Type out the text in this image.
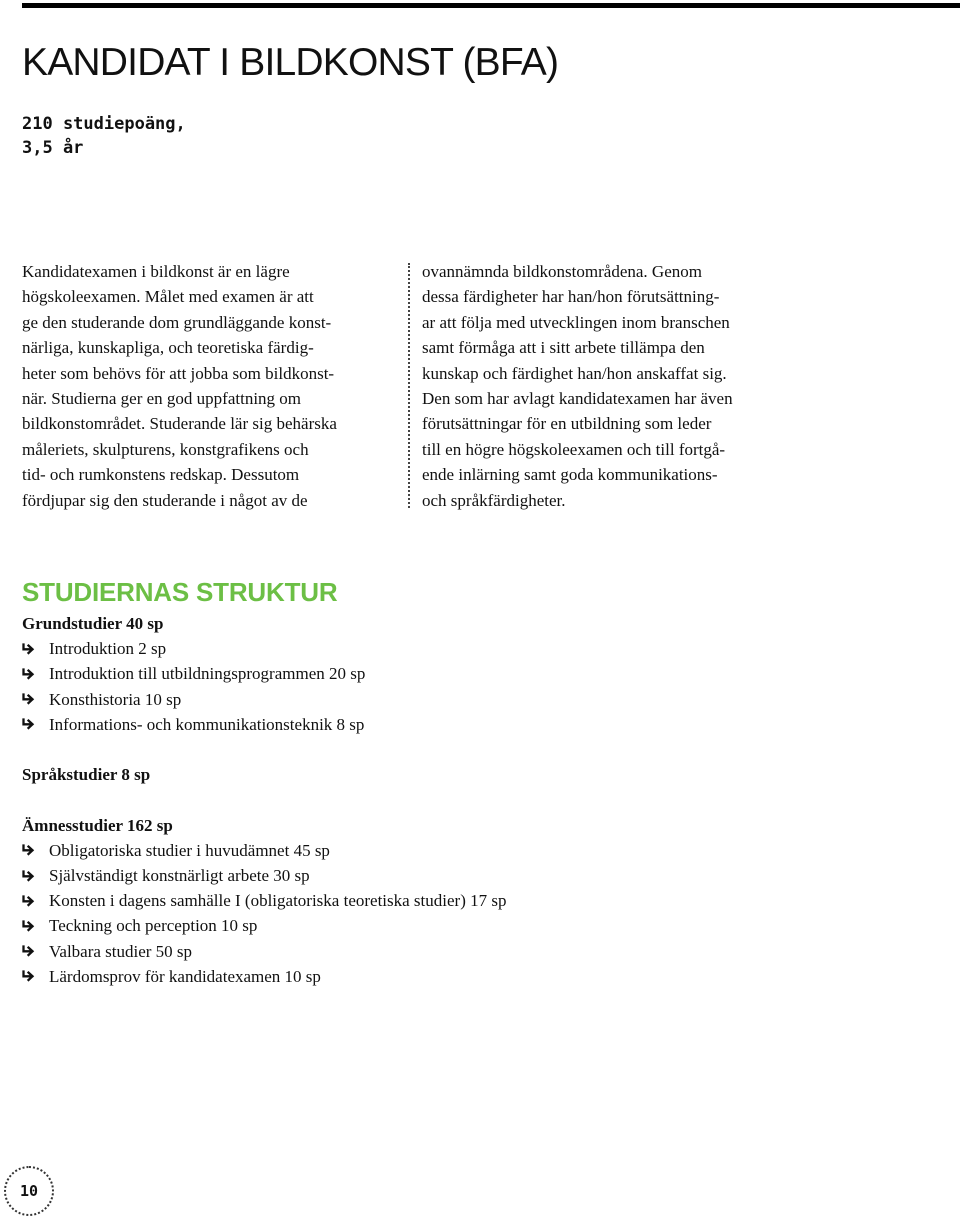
KANDIDAT I BILDKONST (BFA)
210 studiepoäng,
3,5 år

Kandidatexamen i bildkonst är en lägre
högskoleexamen. Målet med examen är att
ge den studerande dom grundläggande konst-
närliga, kunskapliga, och teoretiska färdig-
heter som behövs för att jobba som bildkonst-
när. Studierna ger en god uppfattning om
bildkonstområdet. Studerande lär sig behärska
måleriets, skulpturens, konstgrafikens och
tid- och rumkonstens redskap. Dessutom
fördjupar sig den studerande i något av de

ovannämnda bildkonstområdena. Genom
dessa färdigheter har han/hon förutsättning-
ar att följa med utvecklingen inom branschen
samt förmåga att i sitt arbete tillämpa den
kunskap och färdighet han/hon anskaffat sig.
Den som har avlagt kandidatexamen har även
förutsättningar för en utbildning som leder
till en högre högskoleexamen och till fortgå-
ende inlärning samt goda kommunikations-
och språkfärdigheter.

STUDIERNAS STRUKTUR
Grundstudier 40 sp
Introduktion 2 sp
Introduktion till utbildningsprogrammen 20 sp
Konsthistoria 10 sp
Informations- och kommunikationsteknik 8 sp
Språkstudier 8 sp
Ämnesstudier 162 sp
Obligatoriska studier i huvudämnet 45 sp
Självständigt konstnärligt arbete 30 sp
Konsten i dagens samhälle I (obligatoriska teoretiska studier) 17 sp
Teckning och perception 10 sp
Valbara studier 50 sp
Lärdomsprov för kandidatexamen 10 sp
10
